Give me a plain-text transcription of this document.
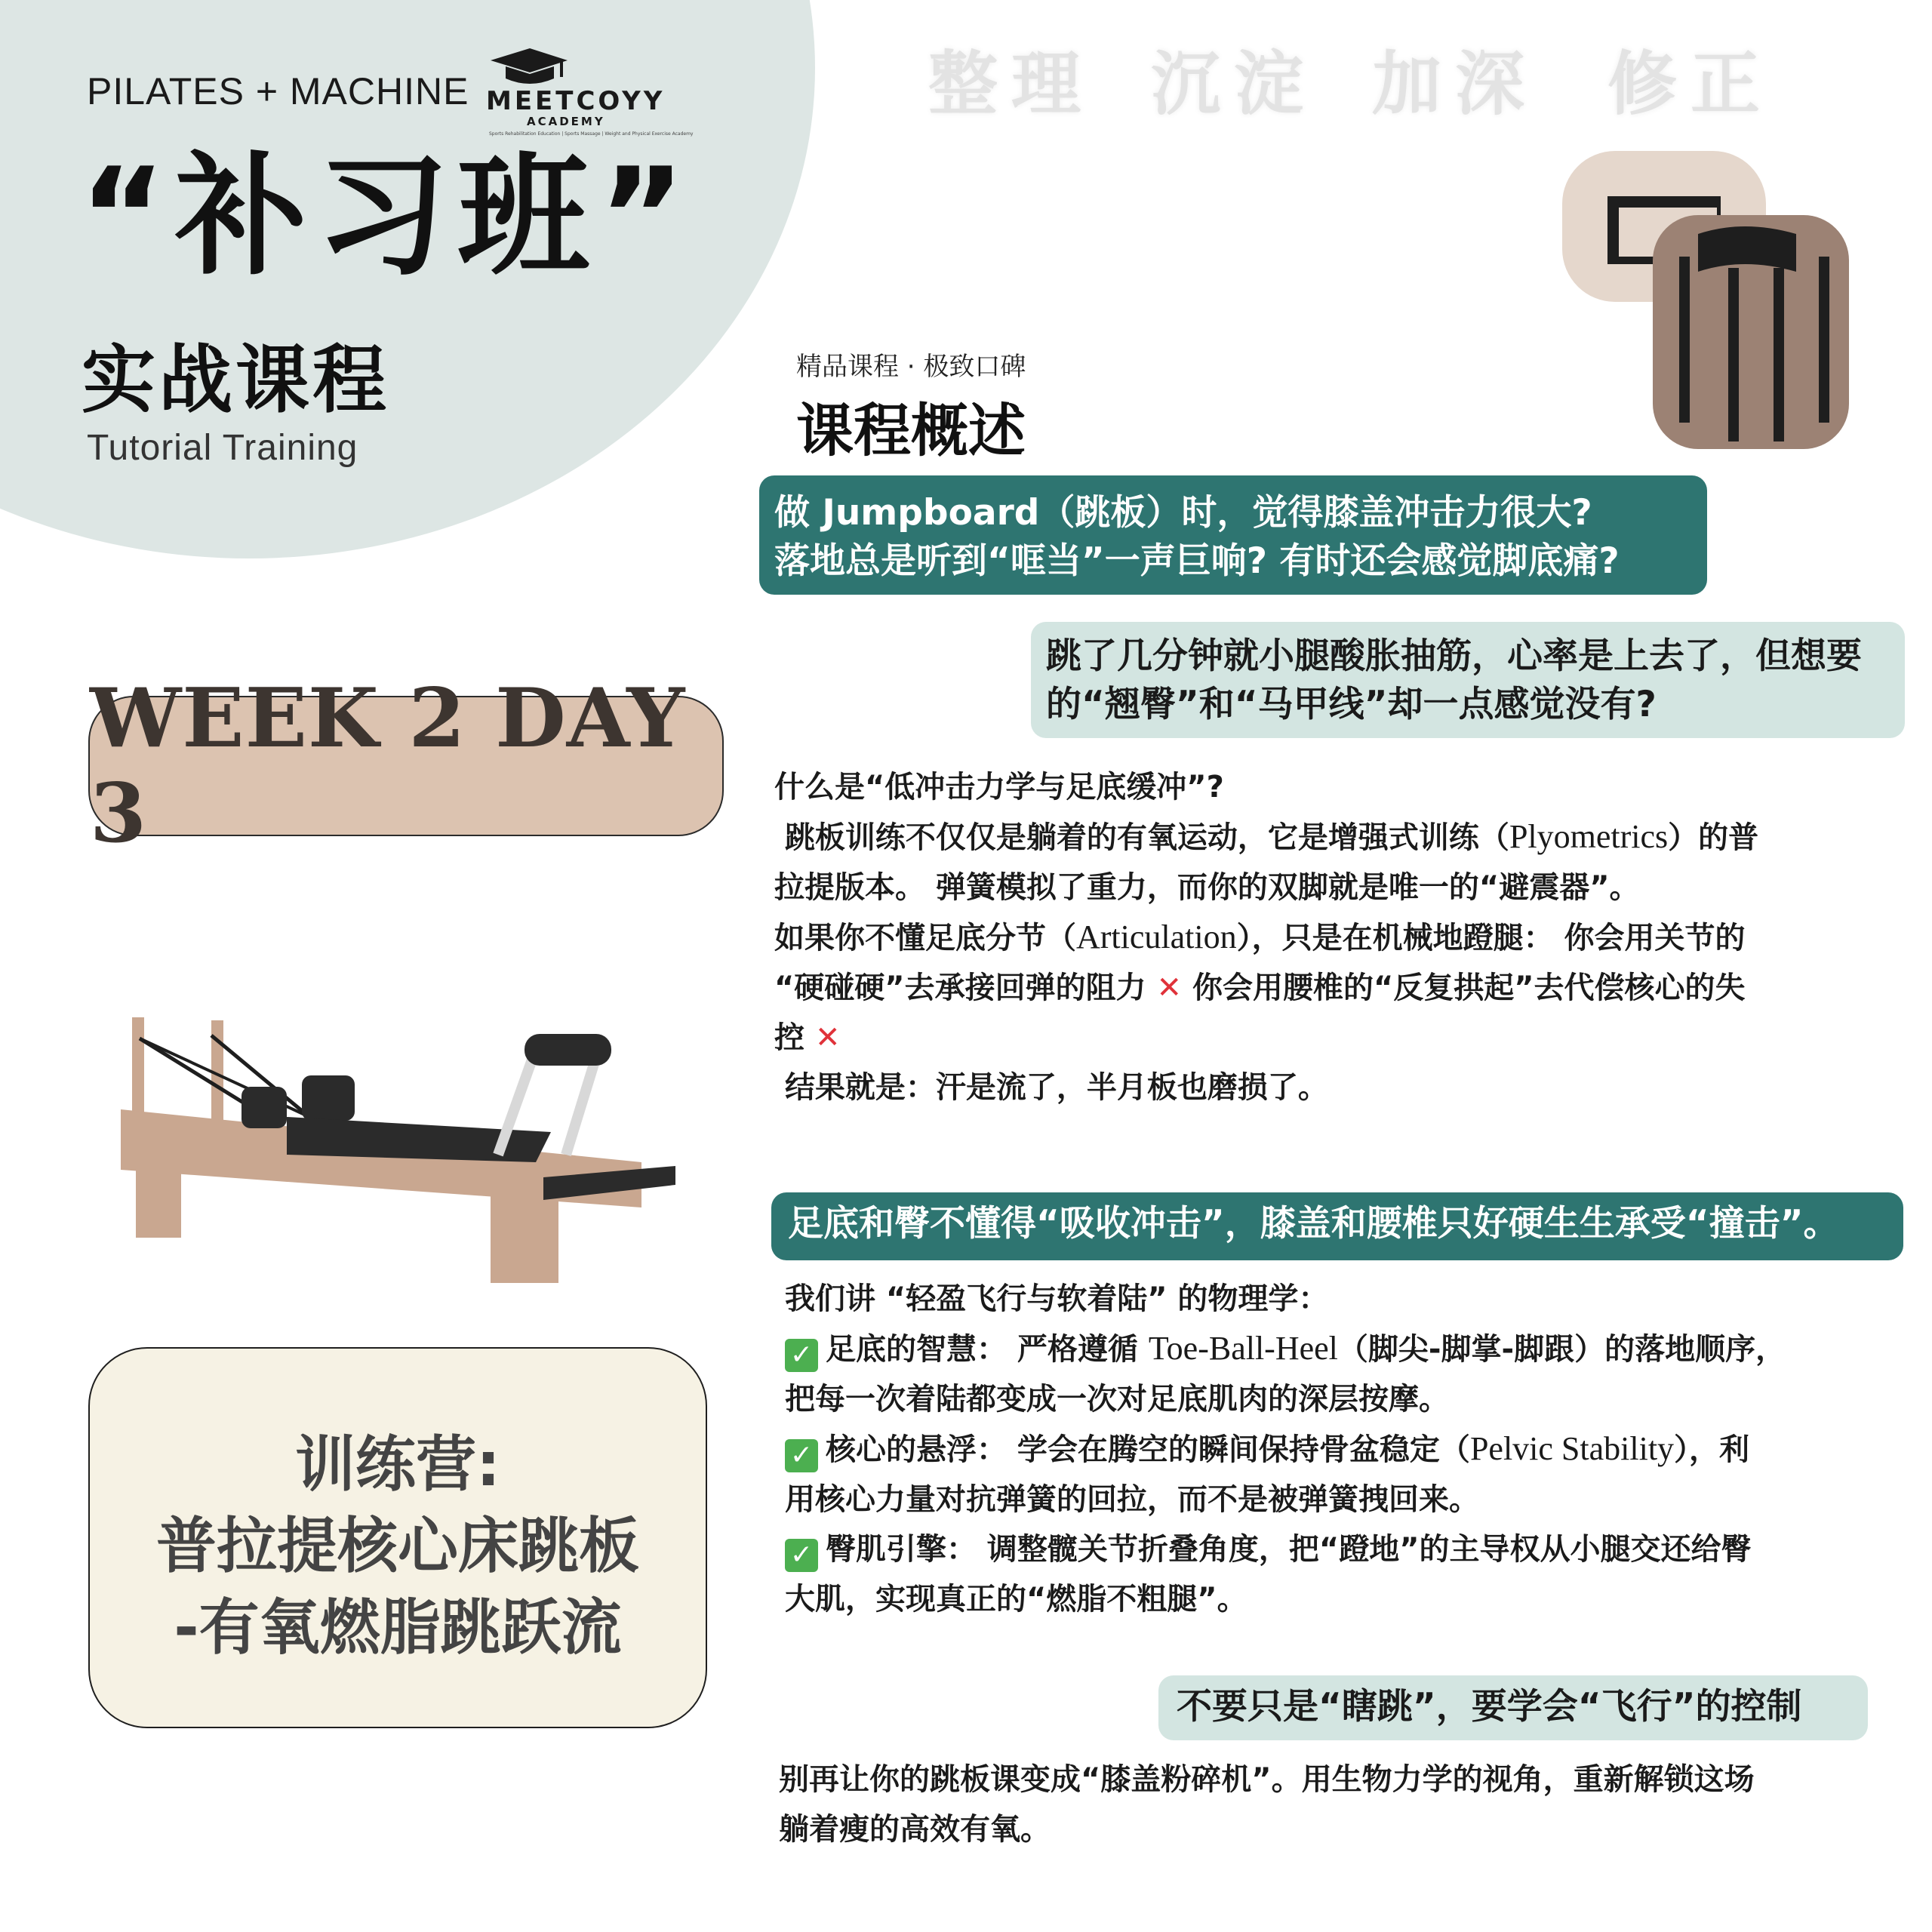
PILATES + MACHINE MEETCOYY
ACADEMY
Sports Rehabilitation Education | Sports Massage | Weight and Physical Exercise Academy
“补习班”
实战课程
Tutorial Training
整理 沉淀 加深 修正
WEEK 2 DAY 3
训练营:
普拉提核心床跳板
-有氧燃脂跳跃流
精品课程 · 极致口碑
课程概述
做 Jumpboard（跳板）时，觉得膝盖冲击力很大?
落地总是听到“哐当”一声巨响? 有时还会感觉脚底痛?
跳了几分钟就小腿酸胀抽筋，心率是上去了，但想要
的“翘臀”和“马甲线”却一点感觉没有?
什么是“低冲击力学与足底缓冲”?
跳板训练不仅仅是躺着的有氧运动，它是增强式训练（Plyometrics）的普
拉提版本。 弹簧模拟了重力，而你的双脚就是唯一的“避震器”。
如果你不懂足底分节（Articulation），只是在机械地蹬腿： 你会用关节的
“硬碰硬”去承接回弹的阻力 ✕ 你会用腰椎的“反复拱起”去代偿核心的失
控 ✕
结果就是：汗是流了，半月板也磨损了。
足底和臀不懂得“吸收冲击”，膝盖和腰椎只好硬生生承受“撞击”。
我们讲 “轻盈飞行与软着陆” 的物理学：
✓ 足底的智慧： 严格遵循 Toe-Ball-Heel（脚尖-脚掌-脚跟）的落地顺序，
把每一次着陆都变成一次对足底肌肉的深层按摩。
✓ 核心的悬浮： 学会在腾空的瞬间保持骨盆稳定（Pelvic Stability），利
用核心力量对抗弹簧的回拉，而不是被弹簧拽回来。
✓ 臀肌引擎： 调整髋关节折叠角度，把“蹬地”的主导权从小腿交还给臀
大肌，实现真正的“燃脂不粗腿”。
不要只是“瞎跳”，要学会“飞行”的控制
别再让你的跳板课变成“膝盖粉碎机”。用生物力学的视角，重新解锁这场
躺着瘦的高效有氧。
